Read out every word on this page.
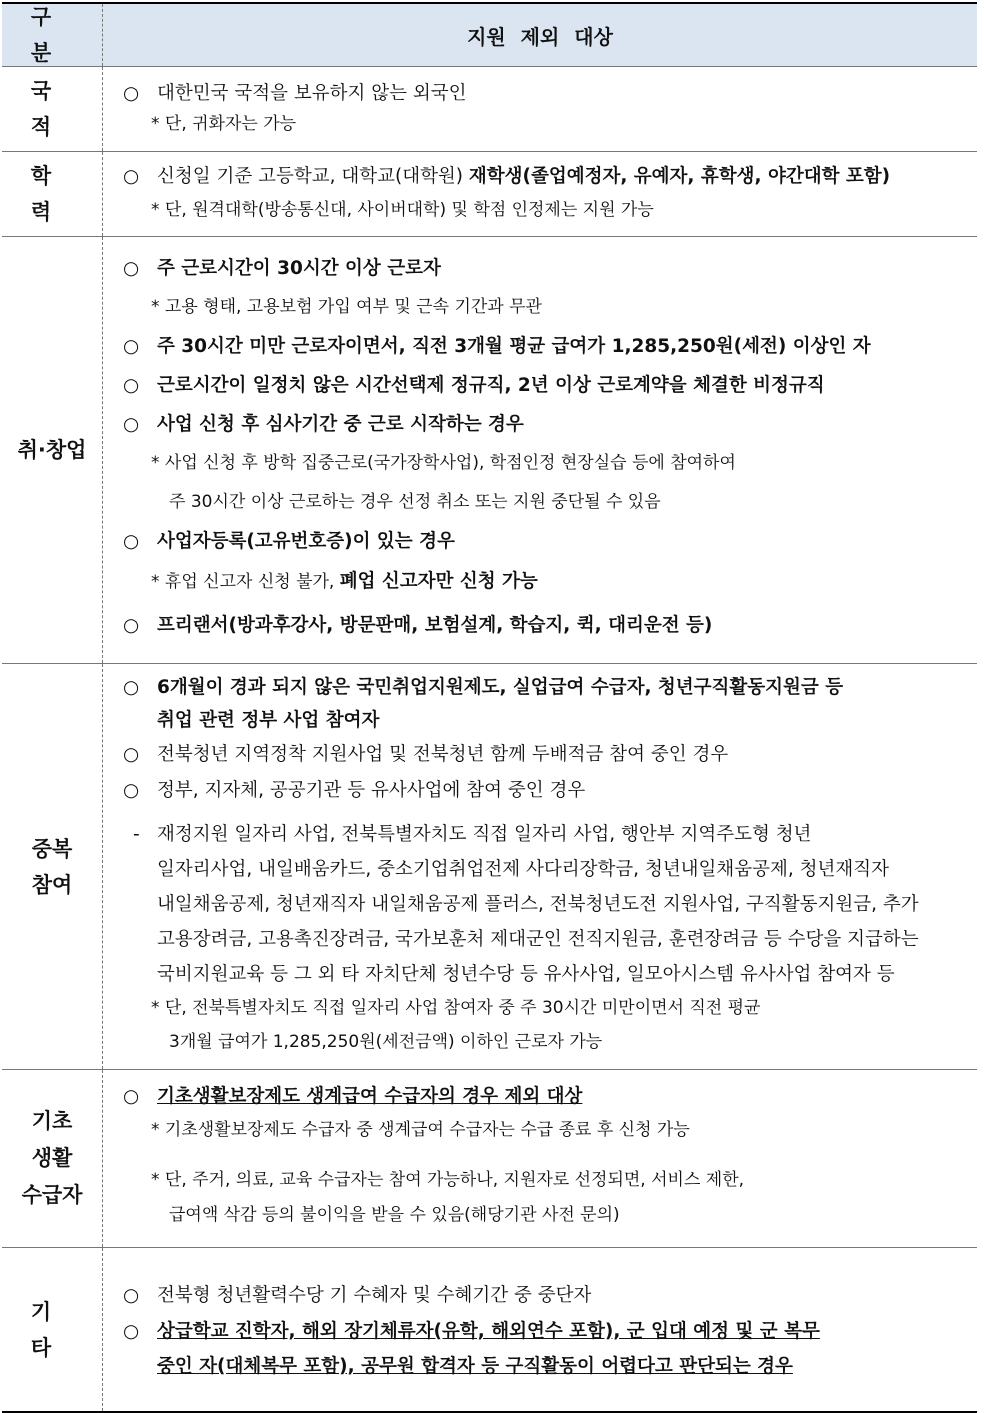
구 분
지원 제외 대상
국 적
○ 대한민국 국적을 보유하지 않는 외국인
* 단, 귀화자는 가능
학 력
○ 신청일 기준 고등학교, 대학교(대학원) 재학생(졸업예정자, 유예자, 휴학생, 야간대학 포함)
* 단, 원격대학(방송통신대, 사이버대학) 및 학점 인정제는 지원 가능
취·창업
○ 주 근로시간이 30시간 이상 근로자
* 고용 형태, 고용보험 가입 여부 및 근속 기간과 무관
○ 주 30시간 미만 근로자이면서, 직전 3개월 평균 급여가 1,285,250원(세전) 이상인 자
○ 근로시간이 일정치 않은 시간선택제 정규직, 2년 이상 근로계약을 체결한 비정규직
○ 사업 신청 후 심사기간 중 근로 시작하는 경우
* 사업 신청 후 방학 집중근로(국가장학사업), 학점인정 현장실습 등에 참여하여
주 30시간 이상 근로하는 경우 선정 취소 또는 지원 중단될 수 있음
○ 사업자등록(고유번호증)이 있는 경우
* 휴업 신고자 신청 불가, 폐업 신고자만 신청 가능
○ 프리랜서(방과후강사, 방문판매, 보험설계, 학습지, 퀵, 대리운전 등)
중복
참여
○ 6개월이 경과 되지 않은 국민취업지원제도, 실업급여 수급자, 청년구직활동지원금 등
취업 관련 정부 사업 참여자
○ 전북청년 지역정착 지원사업 및 전북청년 함께 두배적금 참여 중인 경우
○ 정부, 지자체, 공공기관 등 유사사업에 참여 중인 경우
- 재정지원 일자리 사업, 전북특별자치도 직접 일자리 사업, 행안부 지역주도형 청년
일자리사업, 내일배움카드, 중소기업취업전제 사다리장학금, 청년내일채움공제, 청년재직자
내일채움공제, 청년재직자 내일채움공제 플러스, 전북청년도전 지원사업, 구직활동지원금, 추가
고용장려금, 고용촉진장려금, 국가보훈처 제대군인 전직지원금, 훈련장려금 등 수당을 지급하는
국비지원교육 등 그 외 타 자치단체 청년수당 등 유사사업, 일모아시스템 유사사업 참여자 등
* 단, 전북특별자치도 직접 일자리 사업 참여자 중 주 30시간 미만이면서 직전 평균
3개월 급여가 1,285,250원(세전금액) 이하인 근로자 가능
기초
생활
수급자
○ 기초생활보장제도 생계급여 수급자의 경우 제외 대상
* 기초생활보장제도 수급자 중 생계급여 수급자는 수급 종료 후 신청 가능
* 단, 주거, 의료, 교육 수급자는 참여 가능하나, 지원자로 선정되면, 서비스 제한,
급여액 삭감 등의 불이익을 받을 수 있음(해당기관 사전 문의)
기 타
○ 전북형 청년활력수당 기 수혜자 및 수혜기간 중 중단자
○ 상급학교 진학자, 해외 장기체류자(유학, 해외연수 포함), 군 입대 예정 및 군 복무
중인 자(대체복무 포함), 공무원 합격자 등 구직활동이 어렵다고 판단되는 경우
